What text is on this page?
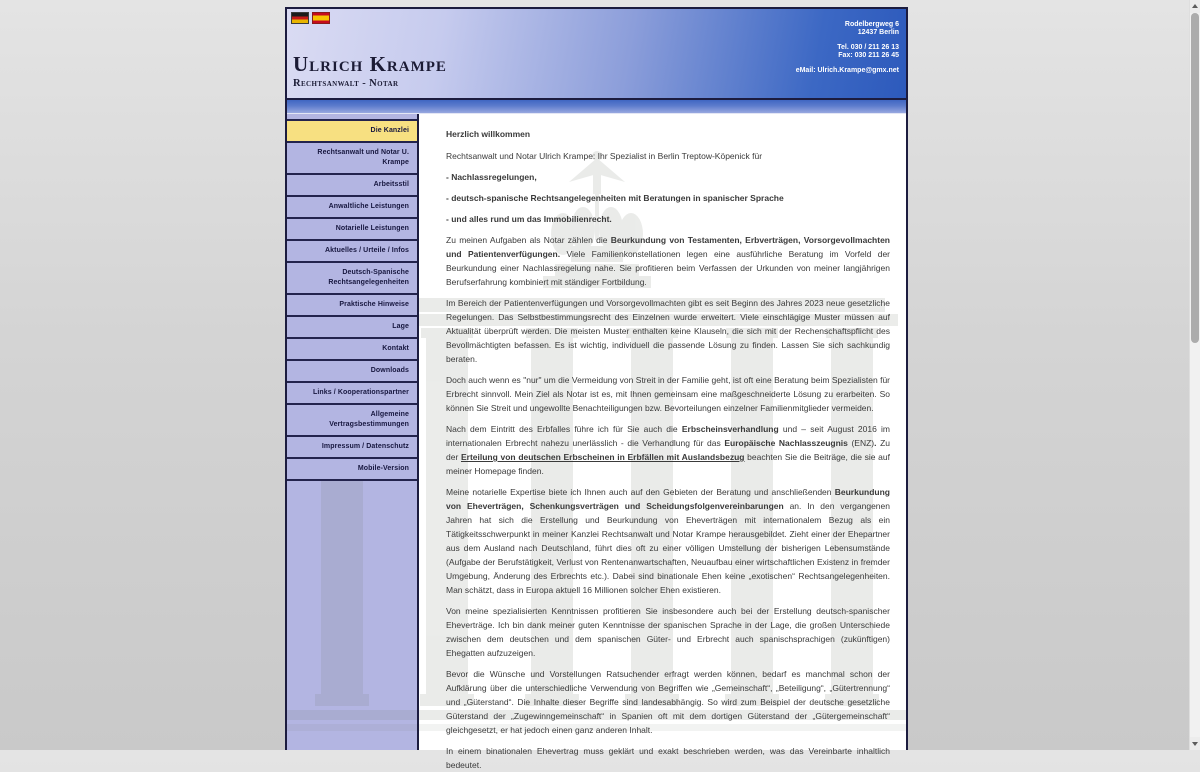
Ulrich Krampe
Rechtsanwalt - Notar
Rodelbergweg 6
12437 Berlin
Tel. 030 / 211 26 13
Fax: 030 211 26 45
eMail: Ulrich.Krampe@gmx.net
Die Kanzlei
Rechtsanwalt und Notar U. Krampe
Arbeitsstil
Anwaltliche Leistungen
Notarielle Leistungen
Aktuelles / Urteile / Infos
Deutsch-Spanische Rechtsangelegenheiten
Praktische Hinweise
Lage
Kontakt
Downloads
Links / Kooperationspartner
Allgemeine Vertragsbestimmungen
Impressum / Datenschutz
Mobile-Version
Herzlich willkommen

Rechtsanwalt und Notar Ulrich Krampe: Ihr Spezialist in Berlin Treptow-Köpenick für

- Nachlassregelungen,

- deutsch-spanische Rechtsangelegenheiten mit Beratungen in spanischer Sprache

- und alles rund um das Immobilienrecht.

Zu meinen Aufgaben als Notar zählen die Beurkundung von Testamenten, Erbverträgen, Vorsorgevollmachten und Patientenverfügungen. Viele Familienkonstellationen legen eine ausführliche Beratung im Vorfeld der Beurkundung einer Nachlassregelung nahe. Sie profitieren beim Verfassen der Urkunden von meiner langjährigen Berufserfahrung kombiniert mit ständiger Fortbildung.

Im Bereich der Patientenverfügungen und Vorsorgevollmachten gibt es seit Beginn des Jahres 2023 neue gesetzliche Regelungen. Das Selbstbestimmungsrecht des Einzelnen wurde erweitert. Viele einschlägige Muster müssen auf Aktualität überprüft werden. Die meisten Muster enthalten keine Klauseln, die sich mit der Rechenschaftspflicht des Bevollmächtigten befassen. Es ist wichtig, individuell die passende Lösung zu finden. Lassen Sie sich sachkundig beraten.

Doch auch wenn es "nur" um die Vermeidung von Streit in der Familie geht, ist oft eine Beratung beim Spezialisten für Erbrecht sinnvoll. Mein Ziel als Notar ist es, mit Ihnen gemeinsam eine maßgeschneiderte Lösung zu erarbeiten. So können Sie Streit und ungewollte Benachteiligungen bzw. Bevorteilungen einzelner Familienmitglieder vermeiden.

Nach dem Eintritt des Erbfalles führe ich für Sie auch die Erbscheinsverhandlung und – seit August 2016 im internationalen Erbrecht nahezu unerlässlich - die Verhandlung für das Europäische Nachlasszeugnis (ENZ). Zu der Erteilung von deutschen Erbscheinen in Erbfällen mit Auslandsbezug beachten Sie die Beiträge, die sie auf meiner Homepage finden.

Meine notarielle Expertise biete ich Ihnen auch auf den Gebieten der Beratung und anschließenden Beurkundung von Eheverträgen, Schenkungsverträgen und Scheidungsfolgenvereinbarungen an. In den vergangenen Jahren hat sich die Erstellung und Beurkundung von Eheverträgen mit internationalem Bezug als ein Tätigkeitsschwerpunkt in meiner Kanzlei Rechtsanwalt und Notar Krampe herausgebildet. Zieht einer der Ehepartner aus dem Ausland nach Deutschland, führt dies oft zu einer völligen Umstellung der bisherigen Lebensumstände (Aufgabe der Berufstätigkeit, Verlust von Rentenanwartschaften, Neuaufbau einer wirtschaftlichen Existenz in fremder Umgebung, Änderung des Erbrechts etc.). Dabei sind binationale Ehen keine „exotischen“ Rechtsangelegenheiten. Man schätzt, dass in Europa aktuell 16 Millionen solcher Ehen existieren.

Von meine spezialisierten Kenntnissen profitieren Sie insbesondere auch bei der Erstellung deutsch-spanischer Eheverträge. Ich bin dank meiner guten Kenntnisse der spanischen Sprache in der Lage, die großen Unterschiede zwischen dem deutschen und dem spanischen Güter- und Erbrecht auch spanischsprachigen (zukünftigen) Ehegatten aufzuzeigen.

Bevor die Wünsche und Vorstellungen Ratsuchender erfragt werden können, bedarf es manchmal schon der Aufklärung über die unterschiedliche Verwendung von Begriffen wie „Gemeinschaft“, „Beteiligung“, „Gütertrennung“ und „Güterstand“. Die Inhalte dieser Begriffe sind landesabhängig. So wird zum Beispiel der deutsche gesetzliche Güterstand der „Zugewinngemeinschaft“ in Spanien oft mit dem dortigen Güterstand der „Gütergemeinschaft“ gleichgesetzt, er hat jedoch einen ganz anderen Inhalt.

In einem binationalen Ehevertrag muss geklärt und exakt beschrieben werden, was das Vereinbarte inhaltlich bedeutet.
